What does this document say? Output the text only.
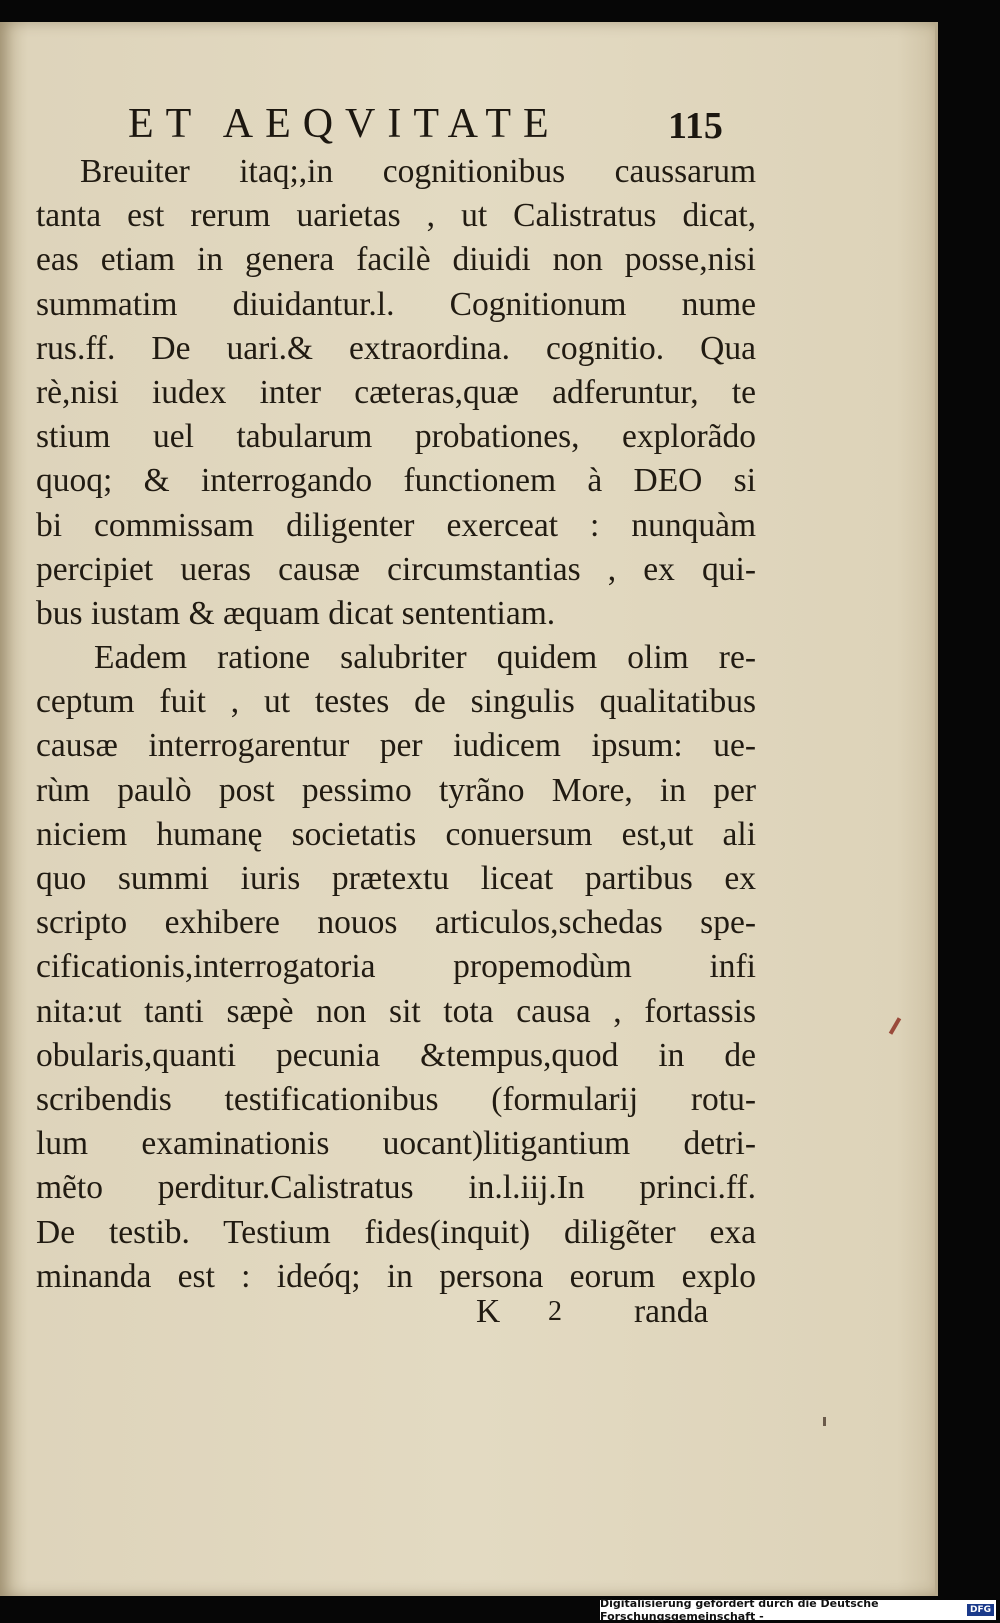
ET AEQVITATE	115
Breuiter itaq;,in cognitionibus caussarum
tanta est rerum uarietas , ut Calistratus dicat,
eas etiam in genera facilè diuidi non posse,nisi
summatim diuidantur.l. Cognitionum nume
rus.ff. De uari.& extraordina. cognitio. Qua
rè,nisi iudex inter cæteras,quæ adferuntur, te
stium uel tabularum probationes, explorãdo
quoq; & interrogando functionem à DEO si
bi commissam diligenter exerceat : nunquàm
percipiet ueras causæ circumstantias , ex qui-
bus iustam & æquam dicat sententiam.
Eadem ratione salubriter quidem olim re-
ceptum fuit , ut testes de singulis qualitatibus
causæ interrogarentur per iudicem ipsum: ue-
rùm paulò post pessimo tyrãno More, in per
niciem humanę societatis conuersum est,ut ali
quo summi iuris prætextu liceat partibus ex
scripto exhibere nouos articulos,schedas spe-
cificationis,interrogatoria propemodùm infi
nita:ut tanti sæpè non sit tota causa , fortassis
obularis,quanti pecunia &tempus,quod in de
scribendis testificationibus (formularij rotu-
lum examinationis uocant)litigantium detri-
mẽto perditur.Calistratus in.l.iij.In princi.ff.
De testib. Testium fides(inquit) diligẽter exa
minanda est : ideóq; in persona eorum explo
K 2 randa
Digitalisierung gefördert durch die Deutsche Forschungsgemeinschaft -	DFG
